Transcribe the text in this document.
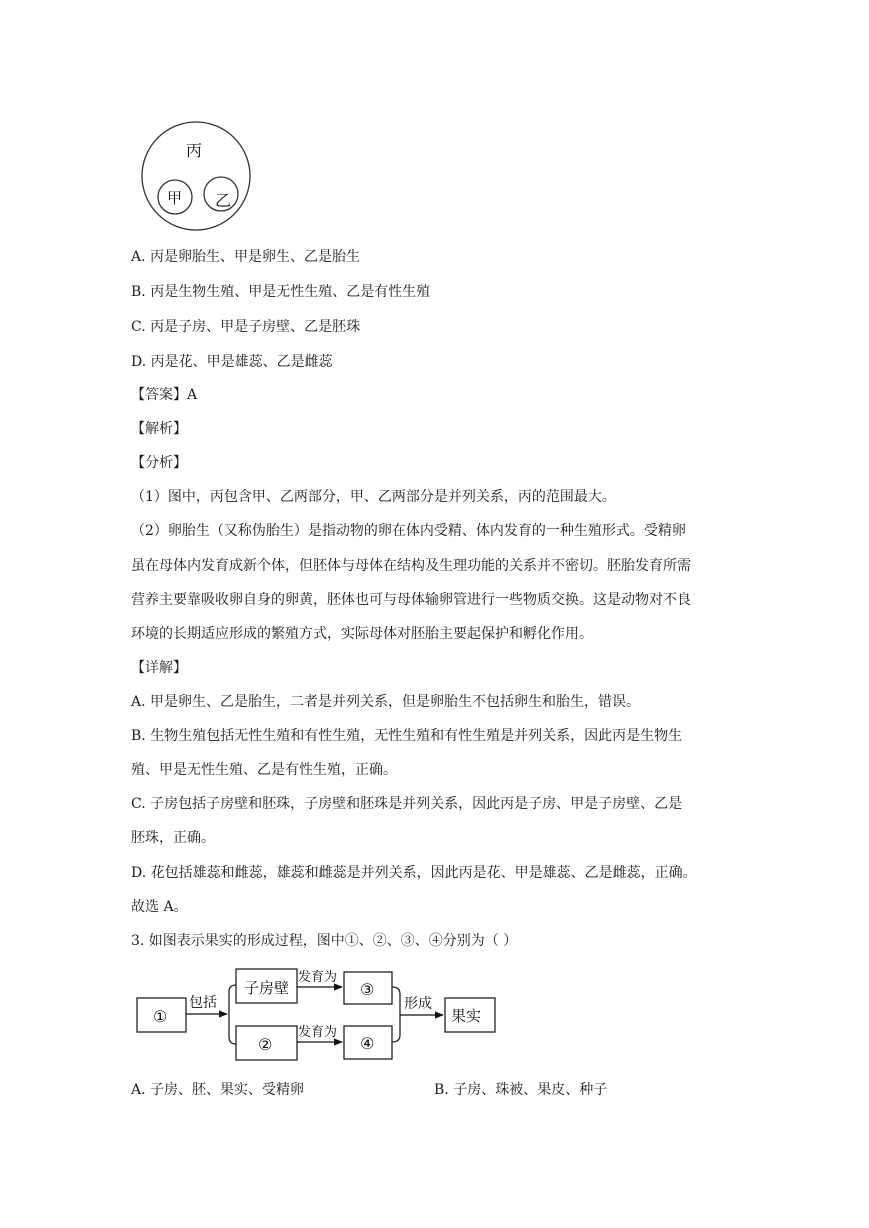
丙
甲 乙
A. 丙是卵胎生、甲是卵生、乙是胎生
B. 丙是生物生殖、甲是无性生殖、乙是有性生殖
C. 丙是子房、甲是子房壁、乙是胚珠
D. 丙是花、甲是雄蕊、乙是雌蕊
【答案】A
【解析】
【分析】
（1）图中，丙包含甲、乙两部分，甲、乙两部分是并列关系，丙的范围最大。
（2）卵胎生（又称伪胎生）是指动物的卵在体内受精、体内发育的一种生殖形式。受精卵
虽在母体内发育成新个体，但胚体与母体在结构及生理功能的关系并不密切。胚胎发育所需
营养主要靠吸收卵自身的卵黄，胚体也可与母体输卵管进行一些物质交换。这是动物对不良
环境的长期适应形成的繁殖方式，实际母体对胚胎主要起保护和孵化作用。
【详解】
A. 甲是卵生、乙是胎生，二者是并列关系，但是卵胎生不包括卵生和胎生，错误。
B. 生物生殖包括无性生殖和有性生殖，无性生殖和有性生殖是并列关系，因此丙是生物生
殖、甲是无性生殖、乙是有性生殖，正确。
C. 子房包括子房壁和胚珠，子房壁和胚珠是并列关系，因此丙是子房、甲是子房壁、乙是
胚珠，正确。
D. 花包括雄蕊和雌蕊，雄蕊和雌蕊是并列关系，因此丙是花、甲是雄蕊、乙是雌蕊，正确。
故选 A。
3. 如图表示果实的形成过程，图中①、②、③、④分别为（ ）
①
包括
子房壁
②
发育为
发育为
③
④
形成
果实
A. 子房、胚、果实、受精卵	B. 子房、珠被、果皮、种子
